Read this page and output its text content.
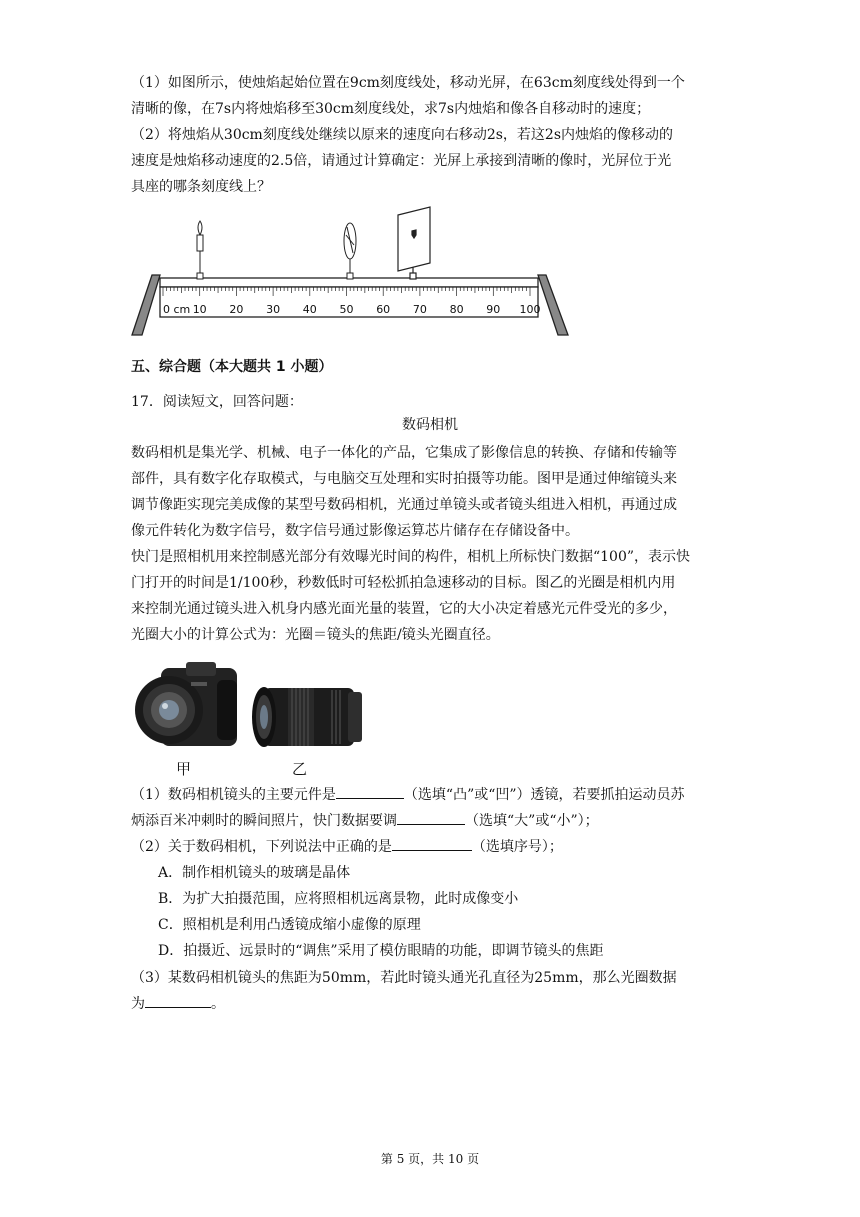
（1）如图所示，使烛焰起始位置在9cm刻度线处，移动光屏，在63cm刻度线处得到一个
清晰的像，在7s内将烛焰移至30cm刻度线处，求7s内烛焰和像各自移动时的速度；
（2）将烛焰从30cm刻度线处继续以原来的速度向右移动2s，若这2s内烛焰的像移动的
速度是烛焰移动速度的2.5倍，请通过计算确定：光屏上承接到清晰的像时，光屏位于光
具座的哪条刻度线上？
0 cm 10 20 30 40 50 60 70 80 90 100
五、综合题（本大题共 1 小题）
17．阅读短文，回答问题：
数码相机
数码相机是集光学、机械、电子一体化的产品，它集成了影像信息的转换、存储和传输等
部件，具有数字化存取模式，与电脑交互处理和实时拍摄等功能。图甲是通过伸缩镜头来
调节像距实现完美成像的某型号数码相机，光通过单镜头或者镜头组进入相机，再通过成
像元件转化为数字信号，数字信号通过影像运算芯片储存在存储设备中。
快门是照相机用来控制感光部分有效曝光时间的构件，相机上所标快门数据“100”，表示快
门打开的时间是1/100秒，秒数低时可轻松抓拍急速移动的目标。图乙的光圈是相机内用
来控制光通过镜头进入机身内感光面光量的装置，它的大小决定着感光元件受光的多少，
光圈大小的计算公式为：光圈＝镜头的焦距/镜头光圈直径。
甲	乙
（1）数码相机镜头的主要元件是	（选填“凸”或“凹”）透镜，若要抓拍运动员苏
炳添百米冲刺时的瞬间照片，快门数据要调	（选填“大”或“小”）；
（2）关于数码相机，下列说法中正确的是	（选填序号）；
A．制作相机镜头的玻璃是晶体
B．为扩大拍摄范围，应将照相机远离景物，此时成像变小
C．照相机是利用凸透镜成缩小虚像的原理
D．拍摄近、远景时的“调焦”采用了模仿眼睛的功能，即调节镜头的焦距
（3）某数码相机镜头的焦距为50mm，若此时镜头通光孔直径为25mm，那么光圈数据
为	。
第 5 页，共 10 页
